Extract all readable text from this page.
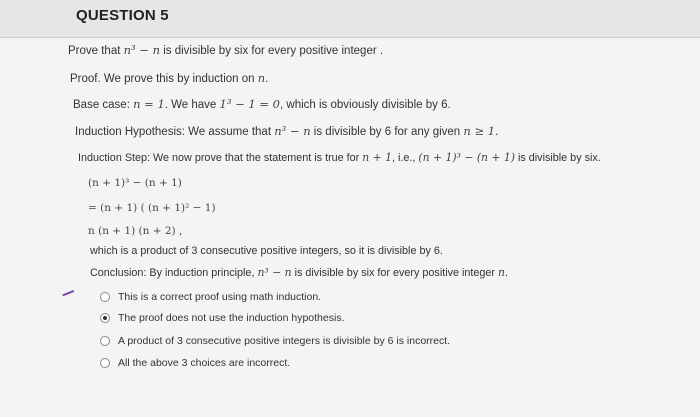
QUESTION 5
Prove that n³ − n is divisible by six for every positive integer .
Proof. We prove this by induction on n.
Base case: n = 1. We have 1³ − 1 = 0, which is obviously divisible by 6.
Induction Hypothesis: We assume that n³ − n is divisible by 6 for any given n ≥ 1.
Induction Step: We now prove that the statement is true for n + 1, i.e., (n + 1)³ − (n + 1) is divisible by six.
(n + 1)³ − (n + 1)
= (n + 1) ( (n + 1)² − 1)
n (n + 1) (n + 2) ,
which is a product of 3 consecutive positive integers, so it is divisible by 6.
Conclusion: By induction principle, n³ − n is divisible by six for every positive integer n.
This is a correct proof using math induction.
The proof does not use the induction hypothesis.
A product of 3 consecutive positive integers is divisible by 6 is incorrect.
All the above 3 choices are incorrect.
